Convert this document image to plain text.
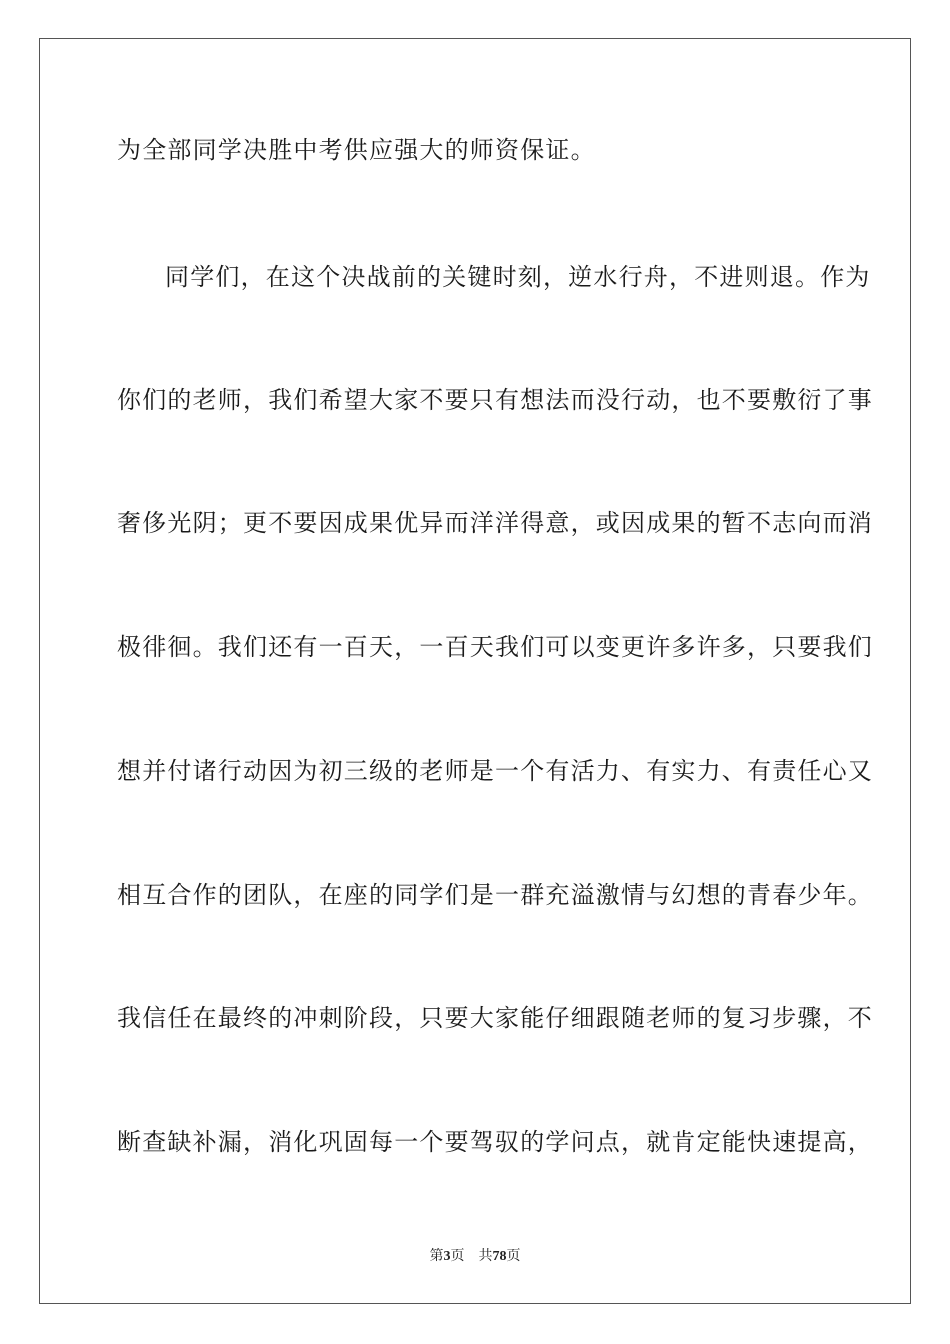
为全部同学决胜中考供应强大的师资保证。
同学们，在这个决战前的关键时刻，逆水行舟，不进则退。作为
你们的老师，我们希望大家不要只有想法而没行动，也不要敷衍了事
奢侈光阴；更不要因成果优异而洋洋得意，或因成果的暂不志向而消
极徘徊。我们还有一百天，一百天我们可以变更许多许多，只要我们
想并付诸行动因为初三级的老师是一个有活力、有实力、有责任心又
相互合作的团队，在座的同学们是一群充溢激情与幻想的青春少年。
我信任在最终的冲刺阶段，只要大家能仔细跟随老师的复习步骤，不
断查缺补漏，消化巩固每一个要驾驭的学问点，就肯定能快速提高，
第3页 共78页
